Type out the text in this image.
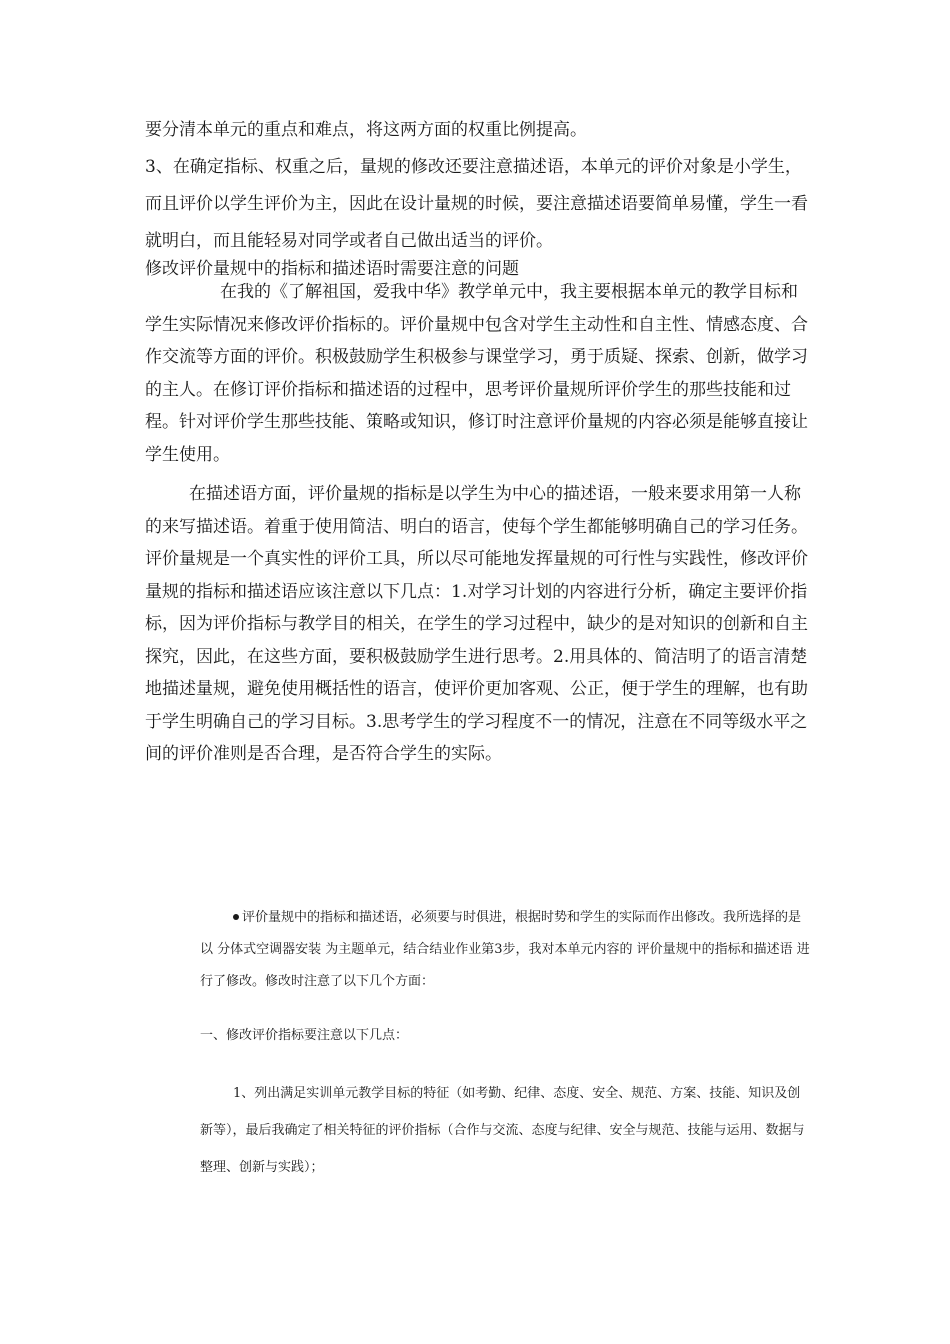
要分清本单元的重点和难点，将这两方面的权重比例提高。

3、在确定指标、权重之后，量规的修改还要注意描述语，本单元的评价对象是小学生，而且评价以学生评价为主，因此在设计量规的时候，要注意描述语要简单易懂，学生一看就明白，而且能轻易对同学或者自己做出适当的评价。

修改评价量规中的指标和描述语时需要注意的问题

在我的《了解祖国，爱我中华》教学单元中，我主要根据本单元的教学目标和学生实际情况来修改评价指标的。评价量规中包含对学生主动性和自主性、情感态度、合作交流等方面的评价。积极鼓励学生积极参与课堂学习，勇于质疑、探索、创新，做学习的主人。在修订评价指标和描述语的过程中，思考评价量规所评价学生的那些技能和过程。针对评价学生那些技能、策略或知识，修订时注意评价量规的内容必须是能够直接让学生使用。

在描述语方面，评价量规的指标是以学生为中心的描述语，一般来要求用第一人称的来写描述语。着重于使用简洁、明白的语言，使每个学生都能够明确自己的学习任务。评价量规是一个真实性的评价工具，所以尽可能地发挥量规的可行性与实践性，修改评价量规的指标和描述语应该注意以下几点：1.对学习计划的内容进行分析，确定主要评价指标，因为评价指标与教学目的相关，在学生的学习过程中，缺少的是对知识的创新和自主探究，因此，在这些方面，要积极鼓励学生进行思考。2.用具体的、简洁明了的语言清楚地描述量规，避免使用概括性的语言，使评价更加客观、公正，便于学生的理解，也有助于学生明确自己的学习目标。3.思考学生的学习程度不一的情况，注意在不同等级水平之间的评价准则是否合理，是否符合学生的实际。

评价量规中的指标和描述语，必须要与时俱进，根据时势和学生的实际而作出修改。我所选择的是以 分体式空调器安装 为主题单元，结合结业作业第3步，我对本单元内容的 评价量规中的指标和描述语 进行了修改。修改时注意了以下几个方面：

一、修改评价指标要注意以下几点：

1、列出满足实训单元教学目标的特征（如考勤、纪律、态度、安全、规范、方案、技能、知识及创新等），最后我确定了相关特征的评价指标（合作与交流、态度与纪律、安全与规范、技能与运用、数据与整理、创新与实践）；
